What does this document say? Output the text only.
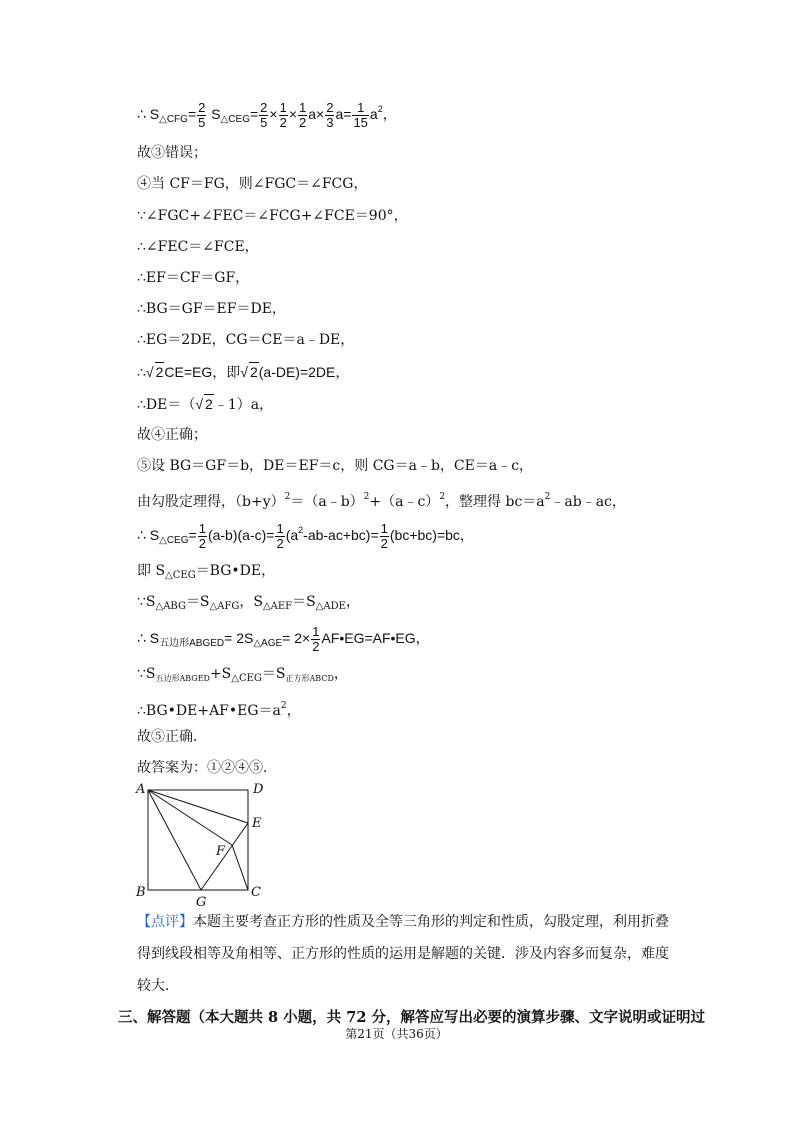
∴ $S_{\triangle CFG}= \frac{2}{5} S_{\triangle CEG}= \frac{2}{5} \times \frac{1}{2} \times \frac{1}{2} a\times \frac{2}{3} a= \frac{1}{15} a^2$，
故③错误；
④当 CF＝FG，则∠FGC＝∠FCG，
∵∠FGC+∠FEC＝∠FCG+∠FCE＝90°，
∴∠FEC＝∠FCE，
∴EF＝CF＝GF，
∴BG＝GF＝EF＝DE，
∴EG＝2DE，CG＝CE＝a﹣DE，
∴√ 2CE=EG，即√ 2(a-DE)=2DE，
∴DE＝（√ 2﹣1）a，
故④正确；
⑤设 BG＝GF＝b，DE＝EF＝c，则 CG＝a﹣b，CE＝a﹣c，
由勾股定理得，$(b+y)^2=(a﹣b)^2+(a﹣c)^2$，整理得 $bc=a^2﹣ab﹣ac$，
∴ $S_{\triangle CEG}= \frac{1}{2} (a-b)(a-c)= \frac{1}{2} (a^2-ab-ac+bc)= \frac{1}{2} (bc+bc)=bc$，
即 $S_{\triangle CEG}=BG•DE$，
$\because S_{\triangle ABG}=S_{\triangle AFG}$，$S_{\triangle AEF}=S_{\triangle ADE}$，
∴ $S_{五边形ABGED}= 2S_{\triangle AGE}= 2\times \frac{1}{2}$ AF•EG=AF•EG，
$\because S_{五边形ABGED}+S_{\triangle CEG}=S_{正方形ABCD}$，
$\therefore BG•DE+AF•EG=a^2$，
故⑤正确．
故答案为：①②④⑤．
A	D
E
F
B
G
C
【点评】本题主要考查正方形的性质及全等三角形的判定和性质，勾股定理，利用折叠得到线段相等及角相等、正方形的性质的运用是解题的关键．涉及内容多而复杂，难度较大．
三、解答题（本大题共 8 小题，共 72 分，解答应写出必要的演算步骤、文字说明或证明过
第21页（共36页）
